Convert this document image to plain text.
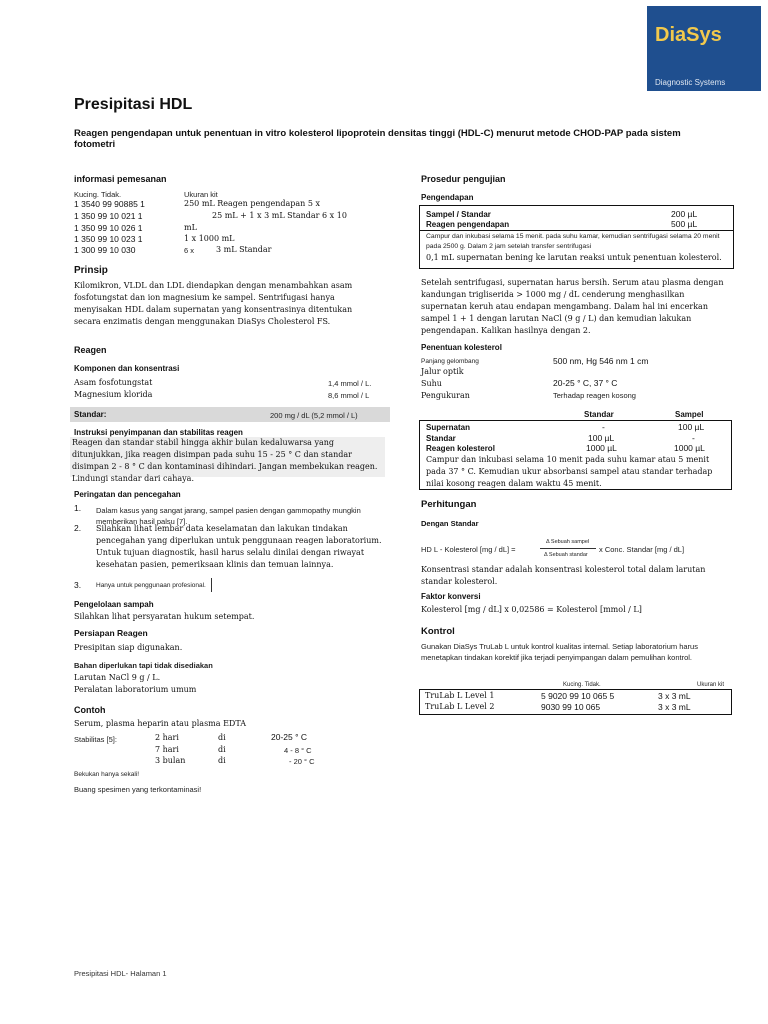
DiaSys
Diagnostic Systems
Presipitasi HDL
Reagen pengendapan untuk penentuan in vitro kolesterol lipoprotein densitas tinggi (HDL-C) menurut metode CHOD-PAP pada sistem fotometri
informasi pemesanan
Kucing. Tidak.	Ukuran kit
1 3540 99 90885 1	250 mL Reagen pengendapan 5 x
1 350 99 10 021 1	25 mL + 1 x 3 mL Standar 6 x 10
1 350 99 10 026 1	mL
1 350 99 10 023 1	1 x 1000 mL
1 300 99 10 030	6 x	3 mL Standar
Prinsip
Kilomikron, VLDL dan LDL diendapkan dengan menambahkan asam fosfotungstat dan ion magnesium ke sampel. Sentrifugasi hanya menyisakan HDL dalam supernatan yang konsentrasinya ditentukan secara enzimatis dengan menggunakan DiaSys Cholesterol FS.
Reagen
Komponen dan konsentrasi
Asam fosfotungstat	1,4 mmol / L.
Magnesium klorida	8,6 mmol / L
Standar:	200 mg / dL (5,2 mmol / L)
Instruksi penyimpanan dan stabilitas reagen
Reagen dan standar stabil hingga akhir bulan kedaluwarsa yang ditunjukkan, jika reagen disimpan pada suhu 15 - 25 ° C dan standar disimpan 2 - 8 ° C dan kontaminasi dihindari. Jangan membekukan reagen. Lindungi standar dari cahaya.
Peringatan dan pencegahan
1. Dalam kasus yang sangat jarang, sampel pasien dengan gammopathy mungkin memberikan hasil palsu [7].
2. Silahkan lihat lembar data keselamatan dan lakukan tindakan pencegahan yang diperlukan untuk penggunaan reagen laboratorium. Untuk tujuan diagnostik, hasil harus selalu dinilai dengan riwayat kesehatan pasien, pemeriksaan klinis dan temuan lainnya.
3. Hanya untuk penggunaan profesional.
Pengelolaan sampah
Silahkan lihat persyaratan hukum setempat.
Persiapan Reagen
Presipitan siap digunakan.
Bahan diperlukan tapi tidak disediakan
Larutan NaCl 9 g / L.
Peralatan laboratorium umum
Contoh
Serum, plasma heparin atau plasma EDTA
Stabilitas [5]:	2 hari	di	20-25 ° C
7 hari	di	4 - 8 ° C
3 bulan	di	- 20 ° C
Bekukan hanya sekali!
Buang spesimen yang terkontaminasi!
Prosedur pengujian
Pengendapan
Sampel / Standar	200 µL
Reagen pengendapan	500 µL
Campur dan inkubasi selama 15 menit. pada suhu kamar, kemudian sentrifugasi selama 20 menit pada 2500 g. Dalam 2 jam setelah transfer sentrifugasi
0,1 mL supernatan bening ke larutan reaksi untuk penentuan kolesterol.
Setelah sentrifugasi, supernatan harus bersih. Serum atau plasma dengan kandungan trigliserida > 1000 mg / dL cenderung menghasilkan supernatan keruh atau endapan mengambang. Dalam hal ini encerkan sampel 1 + 1 dengan larutan NaCl (9 g / L) dan kemudian lakukan pengendapan. Kalikan hasilnya dengan 2.
Penentuan kolesterol
Panjang gelombang	500 nm, Hg 546 nm 1 cm
Jalur optik
Suhu	20-25 ° C, 37 ° C
Pengukuran	Terhadap reagen kosong
Standar	Sampel
Supernatan	-	100 µL
Standar	100 µL	-
Reagen kolesterol	1000 µL	1000 µL
Campur dan inkubasi selama 10 menit pada suhu kamar atau 5 menit pada 37 ° C. Kemudian ukur absorbansi sampel atau standar terhadap nilai kosong reagen dalam waktu 45 menit.
Perhitungan
Dengan Standar
HD L - Kolesterol [mg / dL] =
Δ Sebuah sampel
Δ Sebuah standar
x Conc. Standar [mg / dL]
Konsentrasi standar adalah konsentrasi kolesterol total dalam larutan standar kolesterol.
Faktor konversi
Kolesterol [mg / dL] x 0,02586 = Kolesterol [mmol / L]
Kontrol
Gunakan DiaSys TruLab L untuk kontrol kualitas internal. Setiap laboratorium harus menetapkan tindakan korektif jika terjadi penyimpangan dalam pemulihan kontrol.
Kucing. Tidak.	Ukuran kit
TruLab L Level 1	5 9020 99 10 065 5	3 x 3 mL
TruLab L Level 2	9030 99 10 065	3 x 3 mL
Presipitasi HDL- Halaman 1
